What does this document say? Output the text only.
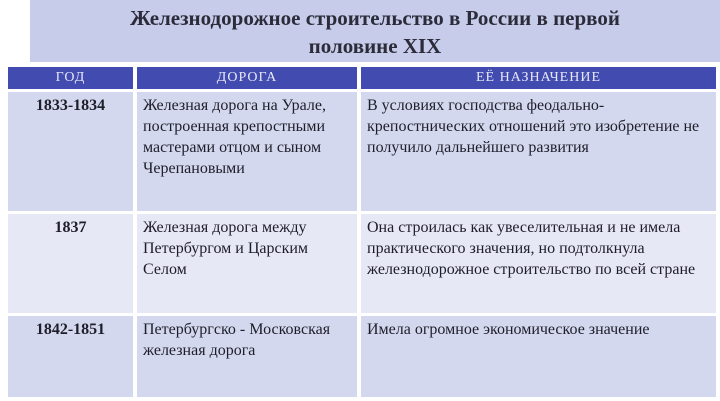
Железнодорожное строительство в России в первой
половине XIX
ГОД	ДОРОГА	ЕЁ НАЗНАЧЕНИЕ
1833-1834	Железная дорога на Урале, построенная крепостными мастерами отцом и сыном Черепановыми	В условиях господства феодально-крепостнических отношений это изобретение не получило дальнейшего развития
1837	Железная дорога между Петербургом и Царским Селом	Она строилась как увеселительная и не имела практического значения, но подтолкнула железнодорожное строительство по всей стране
1842-1851	Петербургско - Московская железная дорога	Имела огромное экономическое значение
